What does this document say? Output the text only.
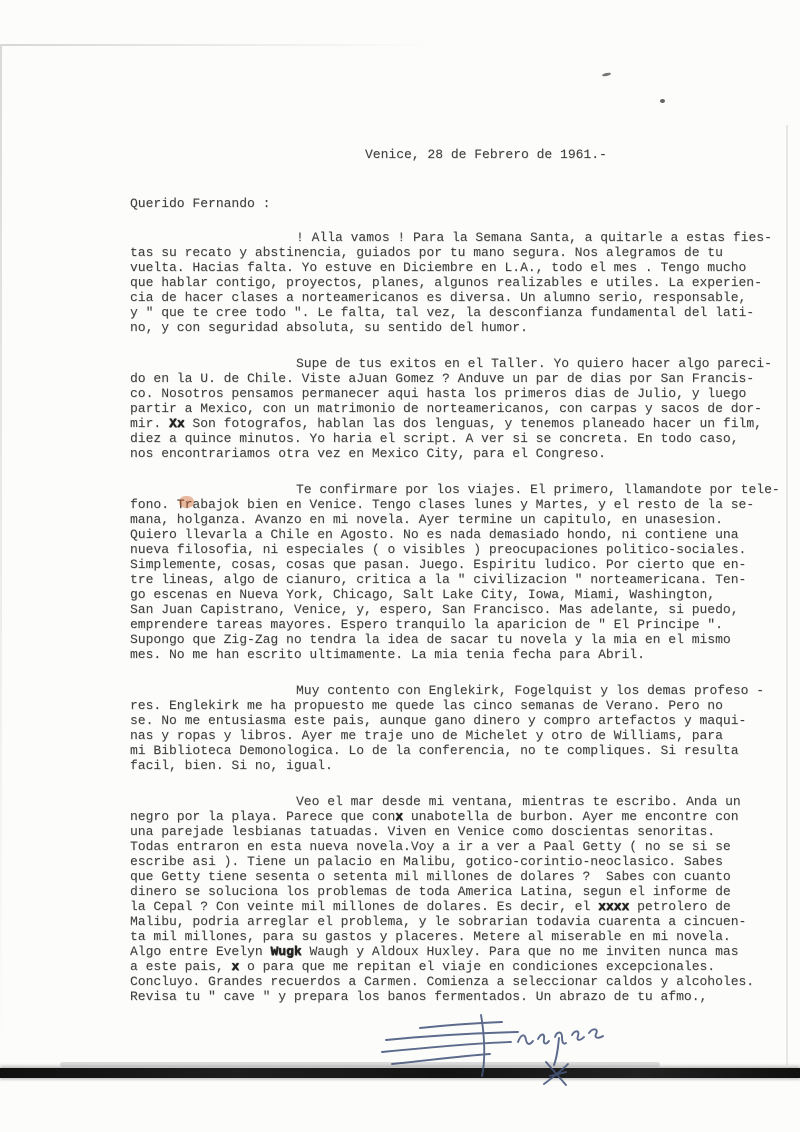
Venice, 28 de Febrero de 1961.-
Querido Fernando :
! Alla vamos ! Para la Semana Santa, a quitarle a estas fies-
tas su recato y abstinencia, guiados por tu mano segura. Nos alegramos de tu
vuelta. Hacias falta. Yo estuve en Diciembre en L.A., todo el mes . Tengo mucho
que hablar contigo, proyectos, planes, algunos realizables e utiles. La experien-
cia de hacer clases a norteamericanos es diversa. Un alumno serio, responsable,
y " que te cree todo ". Le falta, tal vez, la desconfianza fundamental del lati-
no, y con seguridad absoluta, su sentido del humor.
Supe de tus exitos en el Taller. Yo quiero hacer algo pareci-
do en la U. de Chile. Viste aJuan Gomez ? Anduve un par de dias por San Francis-
co. Nosotros pensamos permanecer aqui hasta los primeros dias de Julio, y luego
partir a Mexico, con un matrimonio de norteamericanos, con carpas y sacos de dor-
mir. Xx Son fotografos, hablan las dos lenguas, y tenemos planeado hacer un film,
diez a quince minutos. Yo haria el script. A ver si se concreta. En todo caso,
nos encontrariamos otra vez en Mexico City, para el Congreso.
Te confirmare por los viajes. El primero, llamandote por tele-
fono. Trabajok bien en Venice. Tengo clases lunes y Martes, y el resto de la se-
mana, holganza. Avanzo en mi novela. Ayer termine un capitulo, en unasesion.
Quiero llevarla a Chile en Agosto. No es nada demasiado hondo, ni contiene una
nueva filosofia, ni especiales ( o visibles ) preocupaciones politico-sociales.
Simplemente, cosas, cosas que pasan. Juego. Espiritu ludico. Por cierto que en-
tre lineas, algo de cianuro, critica a la " civilizacion " norteamericana. Ten-
go escenas en Nueva York, Chicago, Salt Lake City, Iowa, Miami, Washington,
San Juan Capistrano, Venice, y, espero, San Francisco. Mas adelante, si puedo,
emprendere tareas mayores. Espero tranquilo la aparicion de " El Principe ".
Supongo que Zig-Zag no tendra la idea de sacar tu novela y la mia en el mismo
mes. No me han escrito ultimamente. La mia tenia fecha para Abril.
Muy contento con Englekirk, Fogelquist y los demas profeso -
res. Englekirk me ha propuesto me quede las cinco semanas de Verano. Pero no
se. No me entusiasma este pais, aunque gano dinero y compro artefactos y maqui-
nas y ropas y libros. Ayer me traje uno de Michelet y otro de Williams, para
mi Biblioteca Demonologica. Lo de la conferencia, no te compliques. Si resulta
facil, bien. Si no, igual.
Veo el mar desde mi ventana, mientras te escribo. Anda un
negro por la playa. Parece que conx unabotella de burbon. Ayer me encontre con
una parejade lesbianas tatuadas. Viven en Venice como doscientas senoritas.
Todas entraron en esta nueva novela.Voy a ir a ver a Paal Getty ( no se si se
escribe asi ). Tiene un palacio en Malibu, gotico-corintio-neoclasico. Sabes
que Getty tiene sesenta o setenta mil millones de dolares ?  Sabes con cuanto
dinero se soluciona los problemas de toda America Latina, segun el informe de
la Cepal ? Con veinte mil millones de dolares. Es decir, el xxxx petrolero de
Malibu, podria arreglar el problema, y le sobrarian todavia cuarenta a cincuen-
ta mil millones, para su gastos y placeres. Metere al miserable en mi novela.
Algo entre Evelyn Wugk Waugh y Aldoux Huxley. Para que no me inviten nunca mas
a este pais, x o para que me repitan el viaje en condiciones excepcionales.
Concluyo. Grandes recuerdos a Carmen. Comienza a seleccionar caldos y alcoholes.
Revisa tu " cave " y prepara los banos fermentados. Un abrazo de tu afmo.,
